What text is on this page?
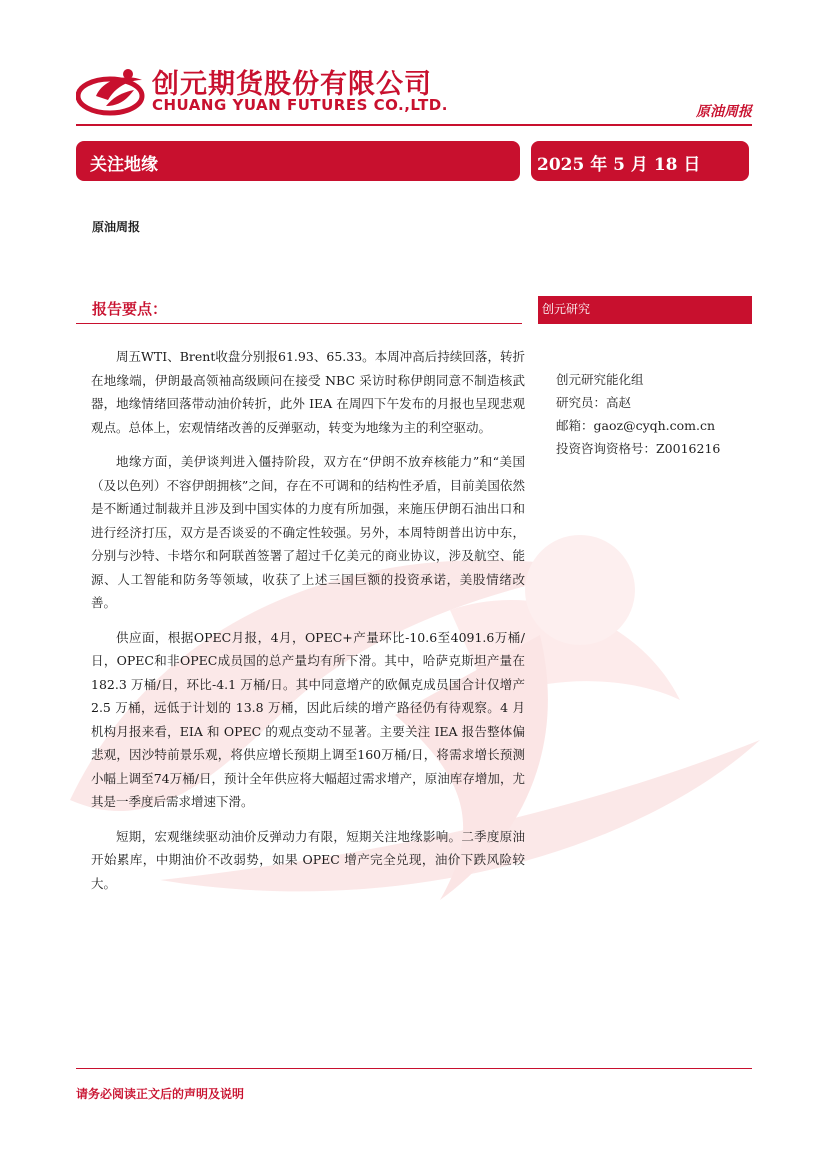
创元期货股份有限公司
CHUANG YUAN FUTURES CO.,LTD.	原油周报
关注地缘	2025 年 5 月 18 日
原油周报
报告要点：	创元研究
创元研究能化组
研究员：高赵
邮箱：gaoz@cyqh.com.cn
投资咨询资格号：Z0016216

周五WTI、Brent收盘分别报61.93、65.33。本周冲高后持续回落，转折在地缘端，伊朗最高领袖高级顾问在接受 NBC 采访时称伊朗同意不制造核武器，地缘情绪回落带动油价转折，此外 IEA 在周四下午发布的月报也呈现悲观观点。总体上，宏观情绪改善的反弹驱动，转变为地缘为主的利空驱动。

地缘方面，美伊谈判进入僵持阶段，双方在“伊朗不放弃核能力”和“美国（及以色列）不容伊朗拥核”之间，存在不可调和的结构性矛盾，目前美国依然是不断通过制裁并且涉及到中国实体的力度有所加强，来施压伊朗石油出口和进行经济打压，双方是否谈妥的不确定性较强。另外，本周特朗普出访中东，分别与沙特、卡塔尔和阿联酋签署了超过千亿美元的商业协议，涉及航空、能源、人工智能和防务等领域，收获了上述三国巨额的投资承诺，美股情绪改善。

供应面，根据OPEC月报，4月，OPEC+产量环比-10.6至4091.6万桶/日，OPEC和非OPEC成员国的总产量均有所下滑。其中，哈萨克斯坦产量在 182.3 万桶/日，环比-4.1 万桶/日。其中同意增产的欧佩克成员国合计仅增产 2.5 万桶，远低于计划的 13.8 万桶，因此后续的增产路径仍有待观察。4 月机构月报来看，EIA 和 OPEC 的观点变动不显著。主要关注 IEA 报告整体偏悲观，因沙特前景乐观，将供应增长预期上调至160万桶/日，将需求增长预测小幅上调至74万桶/日，预计全年供应将大幅超过需求增产，原油库存增加，尤其是一季度后需求增速下滑。

短期，宏观继续驱动油价反弹动力有限，短期关注地缘影响。二季度原油开始累库，中期油价不改弱势，如果 OPEC 增产完全兑现，油价下跌风险较大。

请务必阅读正文后的声明及说明
